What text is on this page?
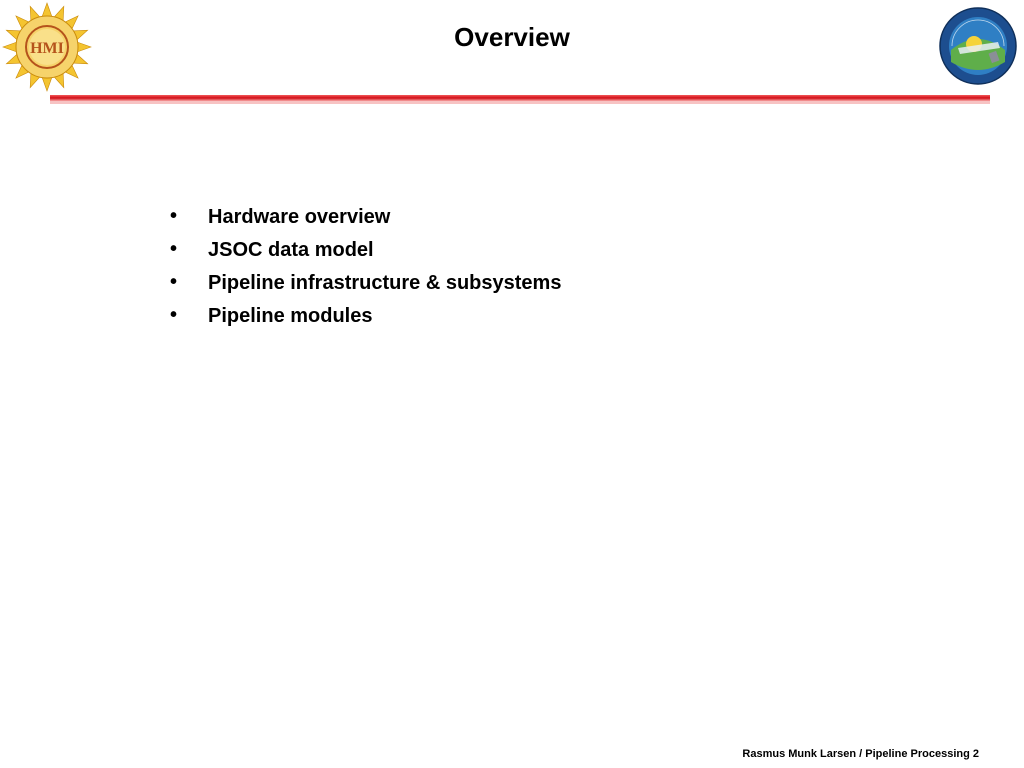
HMI	Overview
• Hardware overview
• JSOC data model
• Pipeline infrastructure & subsystems
• Pipeline modules
Rasmus Munk Larsen / Pipeline Processing 2
